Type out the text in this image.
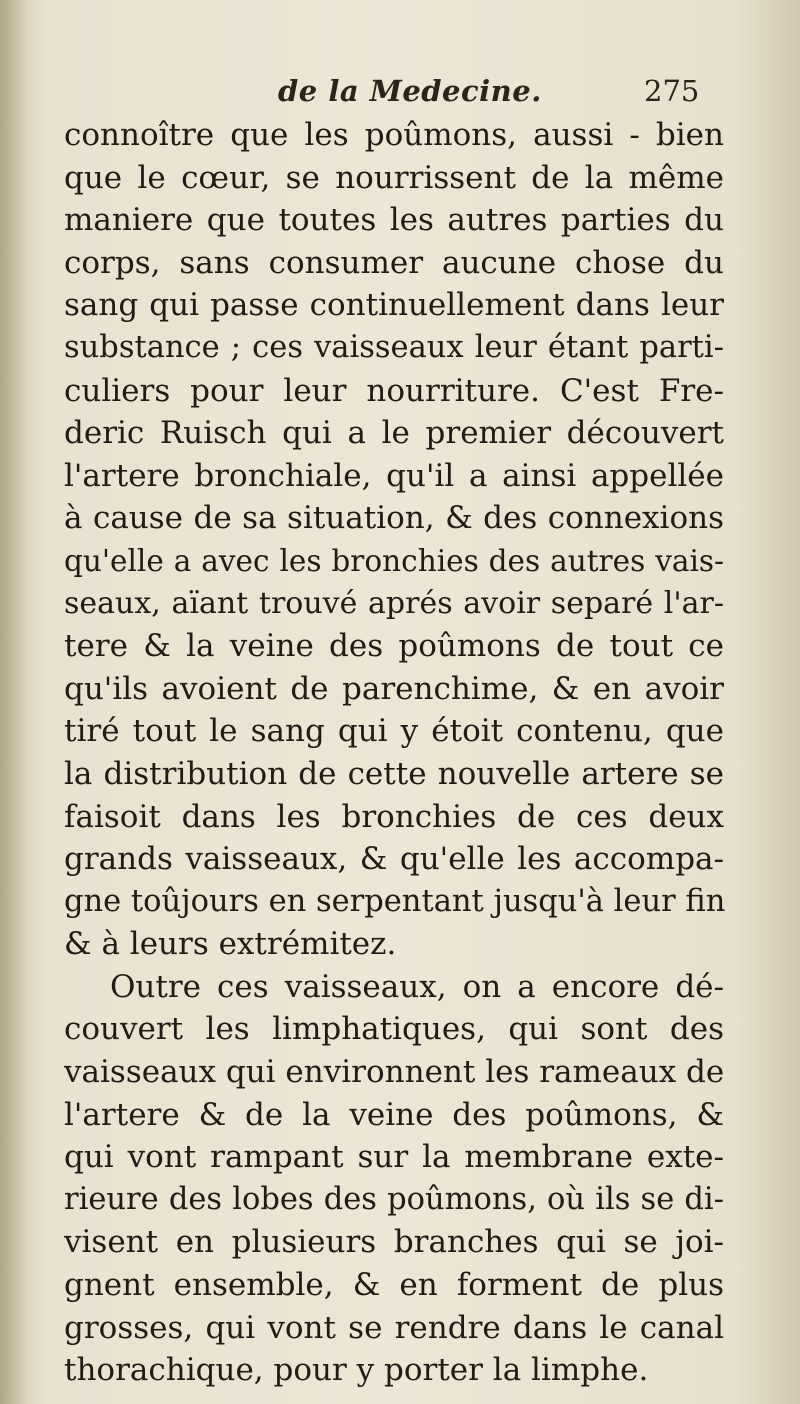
de la Medecine.	275
connoître que les poûmons, aussi - bien
que le cœur, se nourrissent de la même
maniere que toutes les autres parties du
corps, sans consumer aucune chose du
sang qui passe continuellement dans leur
substance ; ces vaisseaux leur étant parti-
culiers pour leur nourriture. C'est Fre-
deric Ruisch qui a le premier découvert
l'artere bronchiale, qu'il a ainsi appellée
à cause de sa situation, & des connexions
qu'elle a avec les bronchies des autres vais-
seaux, aïant trouvé aprés avoir separé l'ar-
tere & la veine des poûmons de tout ce
qu'ils avoient de parenchime, & en avoir
tiré tout le sang qui y étoit contenu, que
la distribution de cette nouvelle artere se
faisoit dans les bronchies de ces deux
grands vaisseaux, & qu'elle les accompa-
gne toûjours en serpentant jusqu'à leur fin
& à leurs extrémitez.
Outre ces vaisseaux, on a encore dé-
couvert les limphatiques, qui sont des
vaisseaux qui environnent les rameaux de
l'artere & de la veine des poûmons, &
qui vont rampant sur la membrane exte-
rieure des lobes des poûmons, où ils se di-
visent en plusieurs branches qui se joi-
gnent ensemble, & en forment de plus
grosses, qui vont se rendre dans le canal
thorachique, pour y porter la limphe.
